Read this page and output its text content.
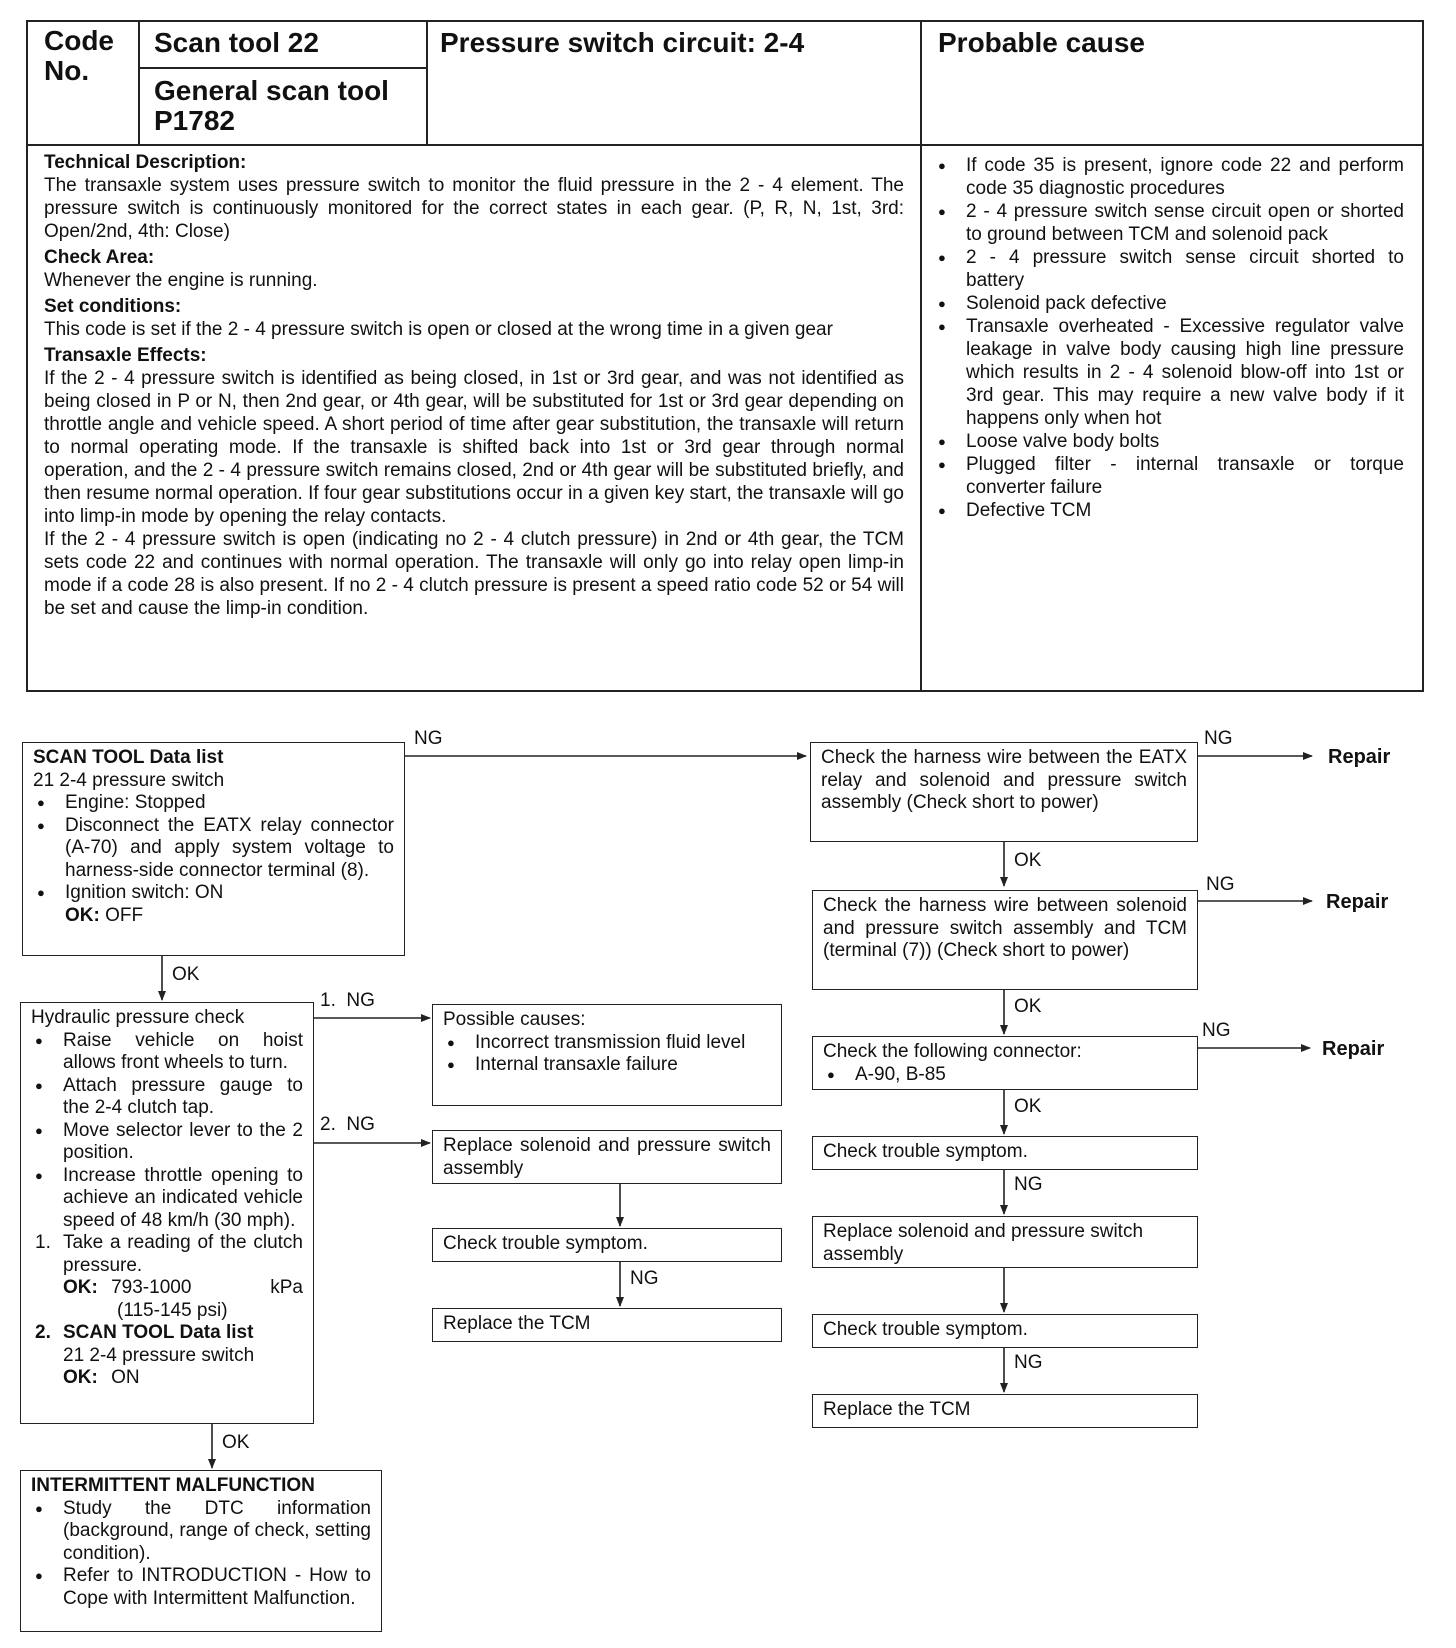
Code No.
Scan tool 22
General scan tool P1782
Pressure switch circuit: 2-4	Probable cause
Technical Description:
The transaxle system uses pressure switch to monitor the fluid pressure in the 2 - 4 element. The pressure switch is continuously monitored for the correct states in each gear. (P, R, N, 1st, 3rd: Open/2nd, 4th: Close)
Check Area:
Whenever the engine is running.
Set conditions:
This code is set if the 2 - 4 pressure switch is open or closed at the wrong time in a given gear
Transaxle Effects:
If the 2 - 4 pressure switch is identified as being closed, in 1st or 3rd gear, and was not identified as being closed in P or N, then 2nd gear, or 4th gear, will be substituted for 1st or 3rd gear depending on throttle angle and vehicle speed. A short period of time after gear substitution, the transaxle will return to normal operating mode. If the transaxle is shifted back into 1st or 3rd gear through normal operation, and the 2 - 4 pressure switch remains closed, 2nd or 4th gear will be substituted briefly, and then resume normal operation. If four gear substitutions occur in a given key start, the transaxle will go into limp-in mode by opening the relay contacts.
If the 2 - 4 pressure switch is open (indicating no 2 - 4 clutch pressure) in 2nd or 4th gear, the TCM sets code 22 and continues with normal operation. The transaxle will only go into relay open limp-in mode if a code 28 is also present. If no 2 - 4 clutch pressure is present a speed ratio code 52 or 54 will be set and cause the limp-in condition.
● If code 35 is present, ignore code 22 and perform code 35 diagnostic procedures
● 2 - 4 pressure switch sense circuit open or shorted to ground between TCM and solenoid pack
● 2 - 4 pressure switch sense circuit shorted to battery
● Solenoid pack defective
● Transaxle overheated - Excessive regulator valve leakage in valve body causing high line pressure which results in 2 - 4 solenoid blow-off into 1st or 3rd gear. This may require a new valve body if it happens only when hot
● Loose valve body bolts
● Plugged filter - internal transaxle or torque converter failure
● Defective TCM
SCAN TOOL Data list
21 2-4 pressure switch
● Engine: Stopped
● Disconnect the EATX relay connector (A-70) and apply system voltage to harness-side connector terminal (8).
● Ignition switch: ON
OK: OFF
Hydraulic pressure check
● Raise vehicle on hoist allows front wheels to turn.
● Attach pressure gauge to the 2-4 clutch tap.
● Move selector lever to the 2 position.
● Increase throttle opening to achieve an indicated vehicle speed of 48 km/h (30 mph).
1. Take a reading of the clutch pressure.
OK: 793-1000	kPa
(115-145 psi)
2. SCAN TOOL Data list
21 2-4 pressure switch
OK: ON
INTERMITTENT MALFUNCTION
● Study the DTC information (background, range of check, setting condition).
● Refer to INTRODUCTION - How to Cope with Intermittent Malfunction.
Possible causes:
● Incorrect transmission fluid level
● Internal transaxle failure
Replace solenoid and pressure switch assembly
Check trouble symptom.
Replace the TCM
Check the harness wire between the EATX relay and solenoid and pressure switch assembly (Check short to power)
Check the harness wire between solenoid and pressure switch assembly and TCM (terminal (7)) (Check short to power)
Check the following connector:
● A-90, B-85
Check trouble symptom.
Replace solenoid and pressure switch assembly
Check trouble symptom.
Replace the TCM
NG
OK
1.  NG
2.  NG
OK
NG
NG
Repair
OK
NG
Repair
OK
NG
Repair
OK
NG
NG
